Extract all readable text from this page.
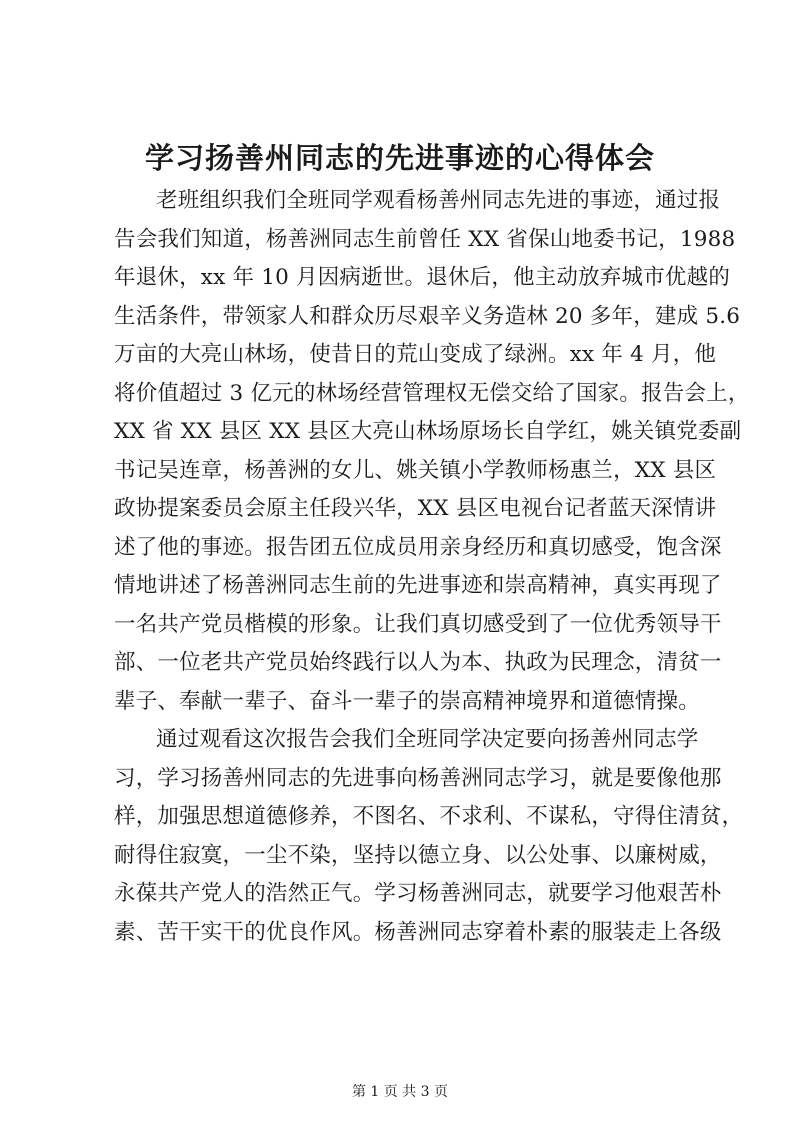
学习扬善州同志的先进事迹的心得体会
老班组织我们全班同学观看杨善州同志先进的事迹，通过报
告会我们知道，杨善洲同志生前曾任 XX 省保山地委书记，1988
年退休，xx 年 10 月因病逝世。退休后，他主动放弃城市优越的
生活条件，带领家人和群众历尽艰辛义务造林 20 多年，建成 5.6
万亩的大亮山林场，使昔日的荒山变成了绿洲。xx 年 4 月，他
将价值超过 3 亿元的林场经营管理权无偿交给了国家。报告会上，
XX 省 XX 县区 XX 县区大亮山林场原场长自学红，姚关镇党委副
书记吴连章，杨善洲的女儿、姚关镇小学教师杨惠兰，XX 县区
政协提案委员会原主任段兴华，XX 县区电视台记者蓝天深情讲
述了他的事迹。报告团五位成员用亲身经历和真切感受，饱含深
情地讲述了杨善洲同志生前的先进事迹和崇高精神，真实再现了
一名共产党员楷模的形象。让我们真切感受到了一位优秀领导干
部、一位老共产党员始终践行以人为本、执政为民理念，清贫一
辈子、奉献一辈子、奋斗一辈子的崇高精神境界和道德情操。
通过观看这次报告会我们全班同学决定要向扬善州同志学
习，学习扬善州同志的先进事向杨善洲同志学习，就是要像他那
样，加强思想道德修养，不图名、不求利、不谋私，守得住清贫，
耐得住寂寞，一尘不染，坚持以德立身、以公处事、以廉树威，
永葆共产党人的浩然正气。学习杨善洲同志，就要学习他艰苦朴
素、苦干实干的优良作风。杨善洲同志穿着朴素的服装走上各级
第 1 页 共 3 页
